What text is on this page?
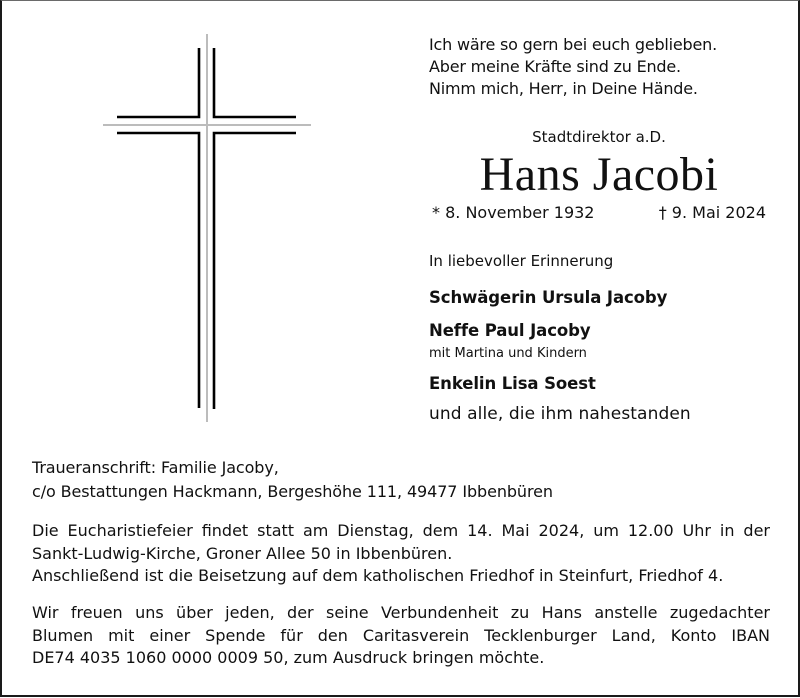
Ich wäre so gern bei euch geblieben.
Aber meine Kräfte sind zu Ende.
Nimm mich, Herr, in Deine Hände.
Stadtdirektor a.D.
Hans Jacobi
* 8. November 1932	† 9. Mai 2024
In liebevoller Erinnerung
Schwägerin Ursula Jacoby
Neffe Paul Jacoby
mit Martina und Kindern
Enkelin Lisa Soest
und alle, die ihm nahestanden
Traueranschrift: Familie Jacoby,
c/o Bestattungen Hackmann, Bergeshöhe 111, 49477 Ibbenbüren
Die Eucharistiefeier findet statt am Dienstag, dem 14. Mai 2024, um 12.00 Uhr in der
Sankt-Ludwig-Kirche, Groner Allee 50 in Ibbenbüren.
Anschließend ist die Beisetzung auf dem katholischen Friedhof in Steinfurt, Friedhof 4.
Wir freuen uns über jeden, der seine Verbundenheit zu Hans anstelle zugedachter
Blumen mit einer Spende für den Caritasverein Tecklenburger Land, Konto IBAN
DE74 4035 1060 0000 0009 50, zum Ausdruck bringen möchte.
